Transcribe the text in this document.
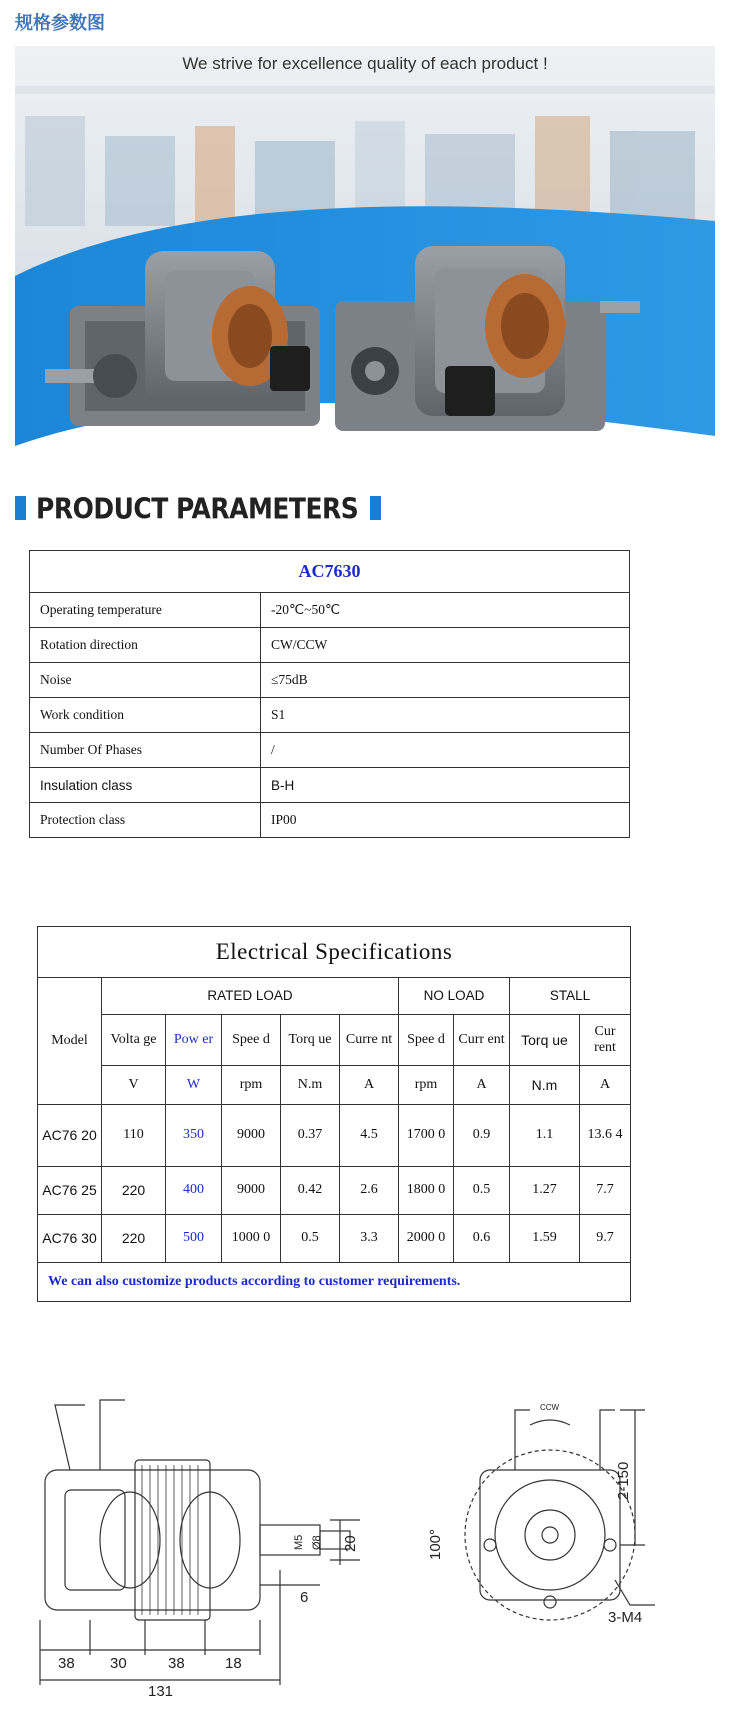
规格参数图
We strive for excellence quality of each product !
PRODUCT PARAMETERS
AC7630	
Operating temperature	-20℃~50℃
Rotation direction	CW/CCW
Noise	≤75dB
Work condition	S1
Number Of Phases	/
Insulation class	B-H
Protection class	IP00
Electrical Specifications									
Model	RATED LOAD					NO LOAD		STALL	
	Volta ge	Pow er	Spee d	Torq ue	Curre nt	Spee d	Curr ent	Torq ue	Cur rent
	V	W	rpm	N.m	A	rpm	A	N.m	A
AC76 20	110	350	9000	0.37	4.5	1700 0	0.9	1.1	13.6 4
AC76 25	220	400	9000	0.42	2.6	1800 0	0.5	1.27	7.7
AC76 30	220	500	1000 0	0.5	3.3	2000 0	0.6	1.59	9.7
We can also customize products according to customer requirements.									
38 30	38	18
131
6
M5 Ø8 20	100°
2-150
3-M4
CCW
